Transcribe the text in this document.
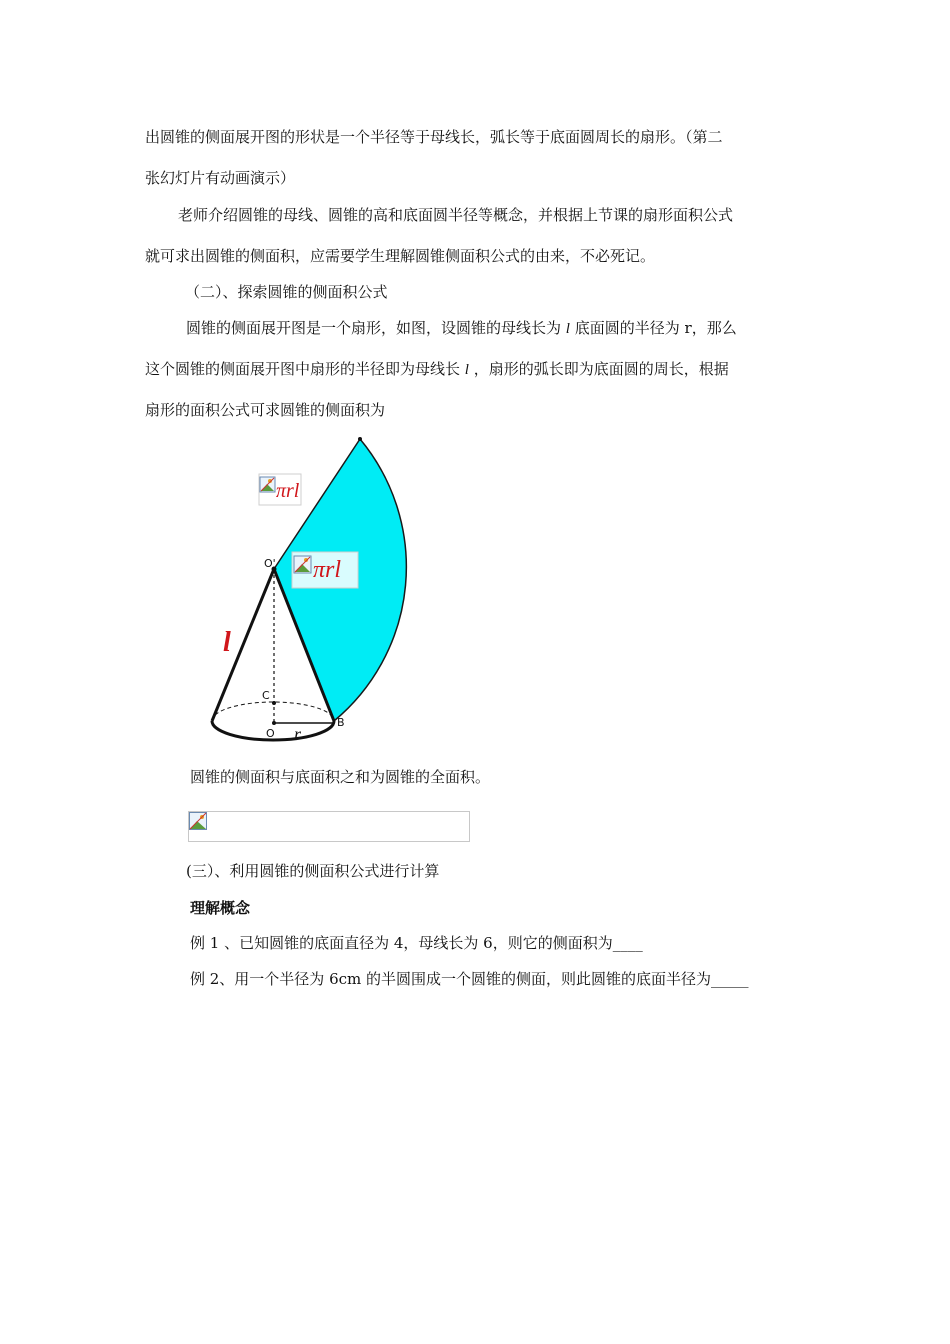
出圆锥的侧面展开图的形状是一个半径等于母线长，弧长等于底面圆周长的扇形。（第二
张幻灯片有动画演示）
老师介绍圆锥的母线、圆锥的高和底面圆半径等概念，并根据上节课的扇形面积公式
就可求出圆锥的侧面积，应需要学生理解圆锥侧面积公式的由来，不必死记。
（二）、探索圆锥的侧面积公式
圆锥的侧面展开图是一个扇形，如图，设圆锥的母线长为 l 底面圆的半径为 r，那么
这个圆锥的侧面展开图中扇形的半径即为母线长 l ，扇形的弧长即为底面圆的周长，根据
扇形的面积公式可求圆锥的侧面积为
O'
C
O
B
r
l
πrl
πrl
圆锥的侧面积与底面积之和为圆锥的全面积。
(三）、利用圆锥的侧面积公式进行计算
理解概念
例 1 、已知圆锥的底面直径为 4，母线长为 6，则它的侧面积为____
例 2、用一个半径为 6cm 的半圆围成一个圆锥的侧面，则此圆锥的底面半径为_____
